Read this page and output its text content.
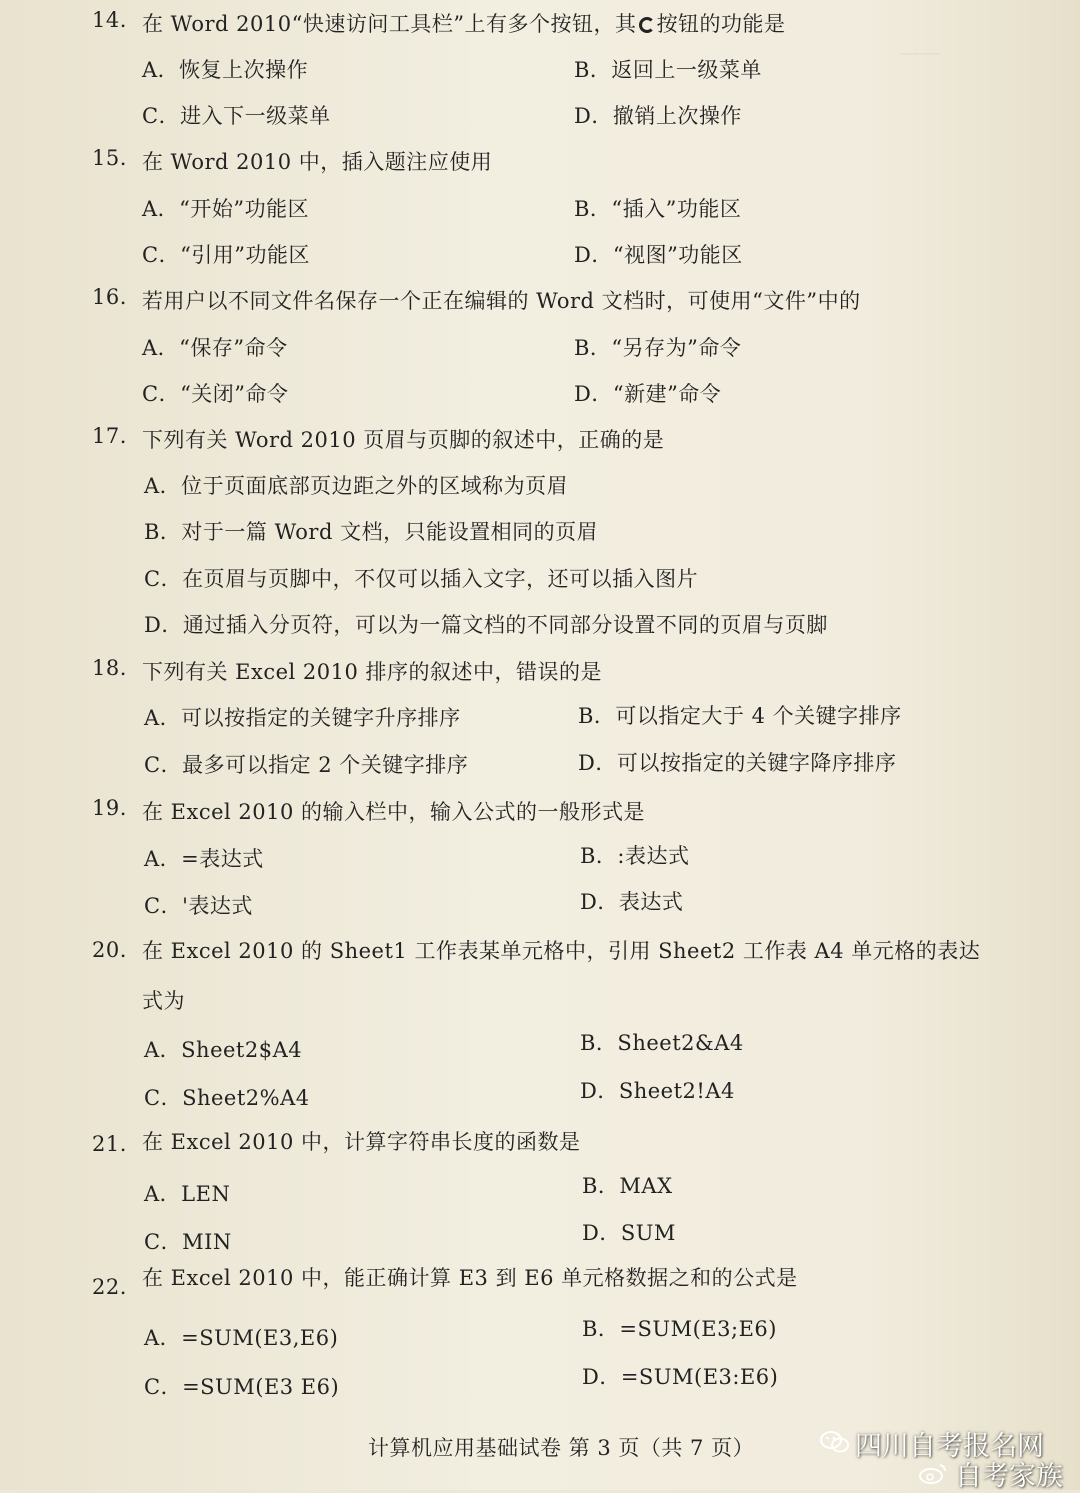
——
14. 在 Word 2010“快速访问工具栏”上有多个按钮，其 按钮的功能是
A．恢复上次操作	B．返回上一级菜单
C．进入下一级菜单	D．撤销上次操作
15. 在 Word 2010 中，插入题注应使用
A．“开始”功能区	B．“插入”功能区
C．“引用”功能区	D．“视图”功能区
16. 若用户以不同文件名保存一个正在编辑的 Word 文档时，可使用“文件”中的
A．“保存”命令	B．“另存为”命令
C．“关闭”命令	D．“新建”命令
17. 下列有关 Word 2010 页眉与页脚的叙述中，正确的是
A．位于页面底部页边距之外的区域称为页眉
B．对于一篇 Word 文档，只能设置相同的页眉
C．在页眉与页脚中，不仅可以插入文字，还可以插入图片
D．通过插入分页符，可以为一篇文档的不同部分设置不同的页眉与页脚
18. 下列有关 Excel 2010 排序的叙述中，错误的是
A．可以按指定的关键字升序排序	B．可以指定大于 4 个关键字排序
C．最多可以指定 2 个关键字排序	D．可以按指定的关键字降序排序
19. 在 Excel 2010 的输入栏中，输入公式的一般形式是
A．=表达式	B．:表达式
C．'表达式	D．表达式
20. 在 Excel 2010 的 Sheet1 工作表某单元格中，引用 Sheet2 工作表 A4 单元格的表达
式为
A．Sheet2$A4	B．Sheet2&A4
C．Sheet2%A4	D．Sheet2!A4
21. 在 Excel 2010 中，计算字符串长度的函数是
A．LEN	B．MAX
C．MIN	D．SUM
22. 在 Excel 2010 中，能正确计算 E3 到 E6 单元格数据之和的公式是
A．=SUM(E3,E6)	B．=SUM(E3;E6)
C．=SUM(E3 E6)	D．=SUM(E3:E6)
计算机应用基础试卷 第 3 页（共 7 页）	四川自考报名网
自考家族
